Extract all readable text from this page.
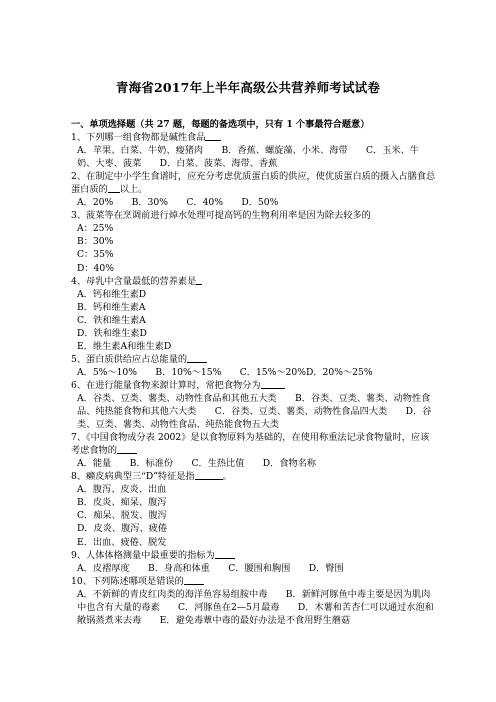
青海省2017年上半年高级公共营养师考试试卷
一、单项选择题（共 27 题，每题的备选项中，只有 1 个事最符合题意）
1、下列哪一组食物都是碱性食品
A．苹果、白菜、牛奶、瘦猪肉　　B．香蕉、螺旋藻、小米、海带　　C．玉米、牛奶、大枣、菠菜　　D．白菜、菠菜、海带、香蕉
2、在制定中小学生食谱时，应充分考虑优质蛋白质的供应，使优质蛋白质的摄入占膳食总蛋白质的 以上。
A．20%　　B．30%　　C．40%　　D．50%
3、菠菜等在烹调前进行焯水处理可提高钙的生物利用率是因为除去较多的
A：25%
B：30%
C：35%
D：40%
4、母乳中含量最低的营养素是
A．钙和维生素D
B．钙和维生素A
C．铁和维生素A
D．铁和维生素D
E．维生素A和维生素D
5、蛋白质供给应占总能量的
A．5%～10%　　B．10%～15%　　C．15%～20%D．20%～25%
6、在进行能量食物来源计算时，常把食物分为
A．谷类、豆类、薯类、动物性食品和其他五大类　　B．谷类、豆类、薯类、动物性食品、纯热能食物和其他六大类　　C．谷类、豆类、薯类、动物性食品四大类　　D．谷类、豆类、薯类、动物性食品、纯热能食物五大类
7、《中国食物成分表 2002》是以食物原料为基础的，在使用称重法记录食物量时，应该考虑食物的
A．能量　　B．标准份　　C．生热比值　　D．食物名称
8、癞皮病典型三“D”特征是指	。
A．腹泻、皮炎、出血
B．皮炎、痴呆、腹泻
C．痴呆、脱发、腹泻
D．皮炎、腹泻、疲倦
E．出血、疲倦、脱发
9、人体体格测量中最重要的指标为
A．皮褶厚度　　B．身高和体重　　C．腰围和胸围　　D．臀围
10、下列陈述哪项是错误的
A．不新鲜的青皮红肉类的海洋鱼容易组胺中毒　　B．新鲜河豚鱼中毒主要是因为肌肉中也含有大量的毒素　　C．河豚鱼在2—5月最毒　　D．木薯和苦杏仁可以通过水泡和敞锅蒸煮来去毒　　E．避免毒蕈中毒的最好办法是不食用野生蘑菇
